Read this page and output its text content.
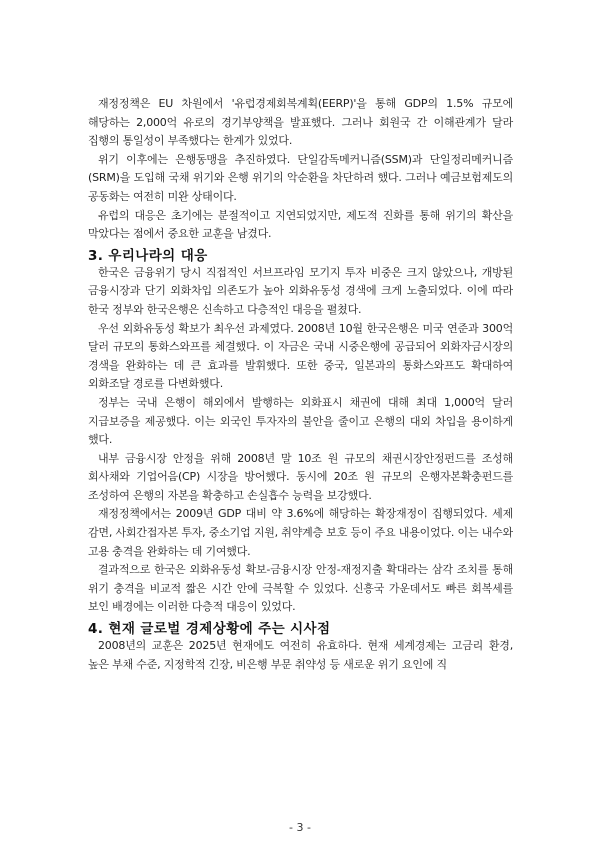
재정정책은 EU 차원에서 '유럽경제회복계획(EERP)'을 통해 GDP의 1.5% 규모에 해당하는 2,000억 유로의 경기부양책을 발표했다. 그러나 회원국 간 이해관계가 달라 집행의 통일성이 부족했다는 한계가 있었다.

위기 이후에는 은행동맹을 추진하였다. 단일감독메커니즘(SSM)과 단일정리메커니즘(SRM)을 도입해 국채 위기와 은행 위기의 악순환을 차단하려 했다. 그러나 예금보험제도의 공동화는 여전히 미완 상태이다.

유럽의 대응은 초기에는 분절적이고 지연되었지만, 제도적 진화를 통해 위기의 확산을 막았다는 점에서 중요한 교훈을 남겼다.

3. 우리나라의 대응

한국은 금융위기 당시 직접적인 서브프라임 모기지 투자 비중은 크지 않았으나, 개방된 금융시장과 단기 외화차입 의존도가 높아 외화유동성 경색에 크게 노출되었다. 이에 따라 한국 정부와 한국은행은 신속하고 다층적인 대응을 펼쳤다.

우선 외화유동성 확보가 최우선 과제였다. 2008년 10월 한국은행은 미국 연준과 300억 달러 규모의 통화스와프를 체결했다. 이 자금은 국내 시중은행에 공급되어 외화자금시장의 경색을 완화하는 데 큰 효과를 발휘했다. 또한 중국, 일본과의 통화스와프도 확대하여 외화조달 경로를 다변화했다.

정부는 국내 은행이 해외에서 발행하는 외화표시 채권에 대해 최대 1,000억 달러 지급보증을 제공했다. 이는 외국인 투자자의 불안을 줄이고 은행의 대외 차입을 용이하게 했다.

내부 금융시장 안정을 위해 2008년 말 10조 원 규모의 채권시장안정펀드를 조성해 회사채와 기업어음(CP) 시장을 방어했다. 동시에 20조 원 규모의 은행자본확충펀드를 조성하여 은행의 자본을 확충하고 손실흡수 능력을 보강했다.

재정정책에서는 2009년 GDP 대비 약 3.6%에 해당하는 확장재정이 집행되었다. 세제 감면, 사회간접자본 투자, 중소기업 지원, 취약계층 보호 등이 주요 내용이었다. 이는 내수와 고용 충격을 완화하는 데 기여했다.

결과적으로 한국은 외화유동성 확보-금융시장 안정-재정지출 확대라는 삼각 조치를 통해 위기 충격을 비교적 짧은 시간 안에 극복할 수 있었다. 신흥국 가운데서도 빠른 회복세를 보인 배경에는 이러한 다층적 대응이 있었다.

4. 현재 글로벌 경제상황에 주는 시사점

2008년의 교훈은 2025년 현재에도 여전히 유효하다. 현재 세계경제는 고금리 환경, 높은 부채 수준, 지정학적 긴장, 비은행 부문 취약성 등 새로운 위기 요인에 직

- 3 -
